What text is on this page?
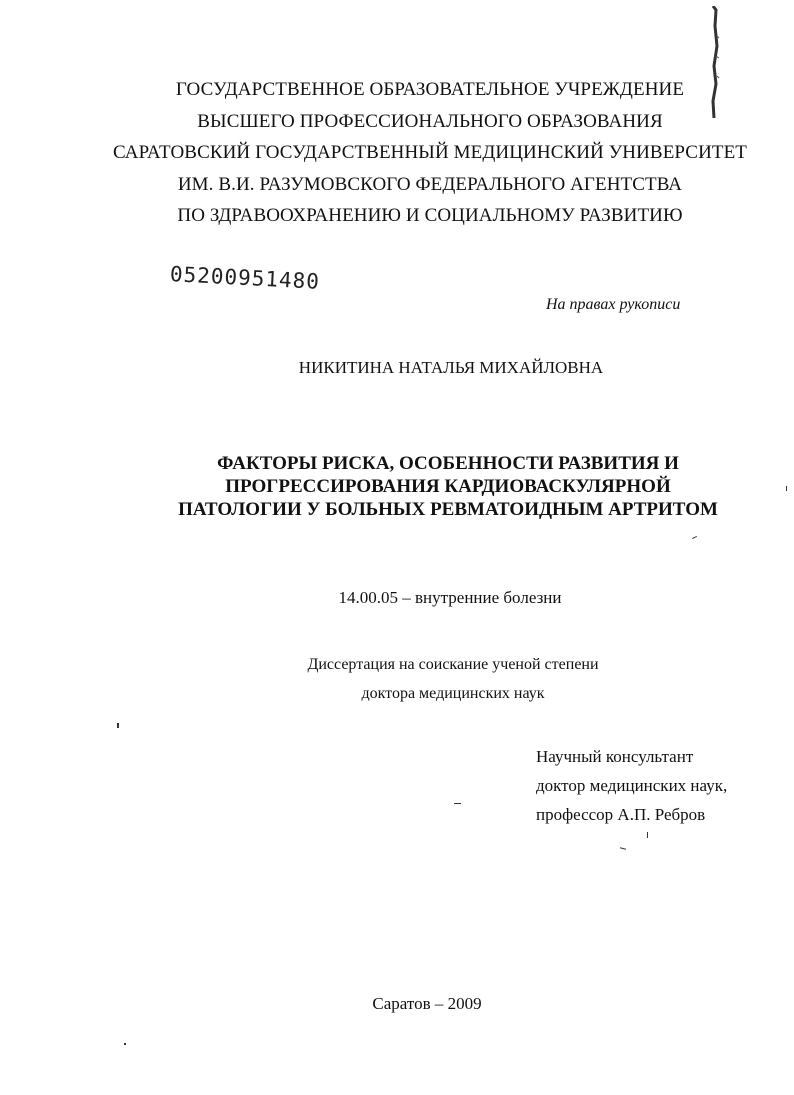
ГОСУДАРСТВЕННОЕ ОБРАЗОВАТЕЛЬНОЕ УЧРЕЖДЕНИЕ
ВЫСШЕГО ПРОФЕССИОНАЛЬНОГО ОБРАЗОВАНИЯ
САРАТОВСКИЙ ГОСУДАРСТВЕННЫЙ МЕДИЦИНСКИЙ УНИВЕРСИТЕТ
ИМ. В.И. РАЗУМОВСКОГО ФЕДЕРАЛЬНОГО АГЕНТСТВА
ПО ЗДРАВООХРАНЕНИЮ И СОЦИАЛЬНОМУ РАЗВИТИЮ
05200951480
На правах рукописи
НИКИТИНА НАТАЛЬЯ МИХАЙЛОВНА
ФАКТОРЫ РИСКА, ОСОБЕННОСТИ РАЗВИТИЯ И
ПРОГРЕССИРОВАНИЯ КАРДИОВАСКУЛЯРНОЙ
ПАТОЛОГИИ У БОЛЬНЫХ РЕВМАТОИДНЫМ АРТРИТОМ
14.00.05 – внутренние болезни
Диссертация на соискание ученой степени
доктора медицинских наук
Научный консультант
доктор медицинских наук,
профессор А.П. Ребров
Саратов – 2009
